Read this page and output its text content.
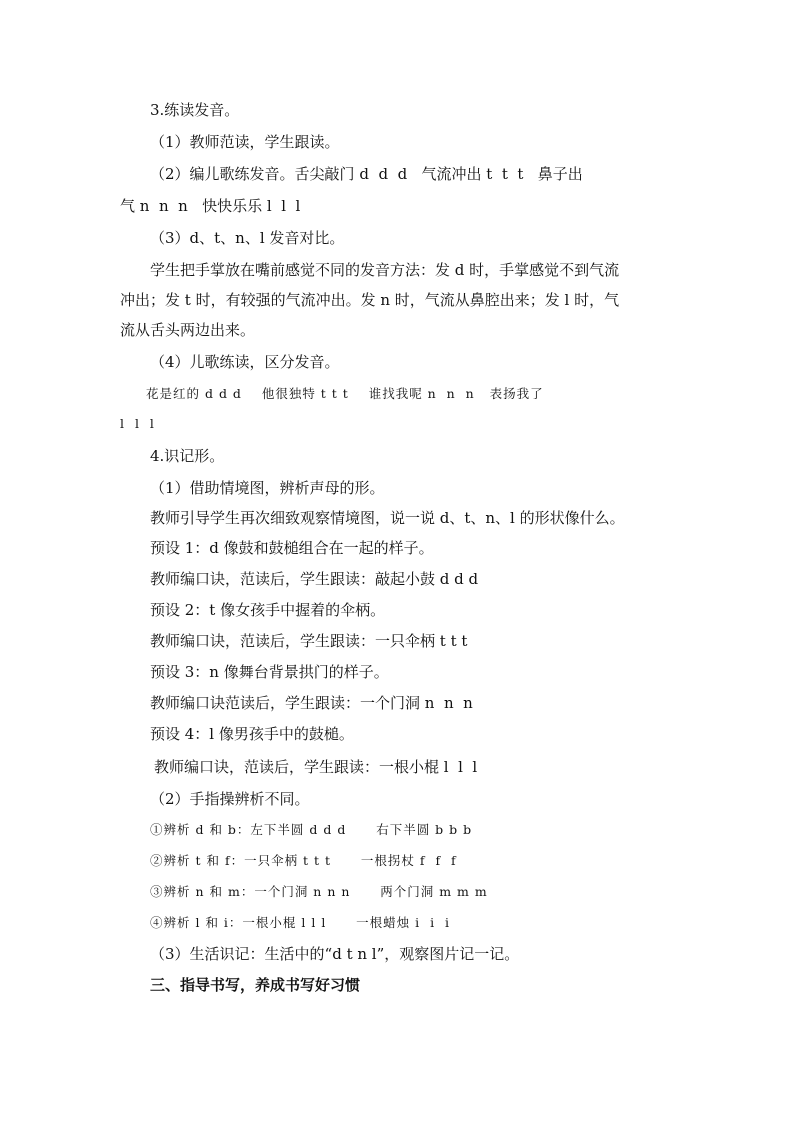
3.练读发音。
（1）教师范读，学生跟读。
（2）编儿歌练发音。舌尖敲门 d  d  d   气流冲出 t  t  t   鼻子出
气 n  n  n   快快乐乐 l  l  l
（3）d、t、n、l 发音对比。
学生把手掌放在嘴前感觉不同的发音方法：发 d 时，手掌感觉不到气流
冲出；发 t 时，有较强的气流冲出。发 n 时，气流从鼻腔出来；发 l 时，气
流从舌头两边出来。
（4）儿歌练读，区分发音。
花是红的 d d d    他很独特 t t t    谁找我呢 n  n  n   表扬我了
l  l  l
4.识记形。
（1）借助情境图，辨析声母的形。
教师引导学生再次细致观察情境图，说一说 d、t、n、l 的形状像什么。
预设 1：d 像鼓和鼓槌组合在一起的样子。
教师编口诀，范读后，学生跟读：敲起小鼓 d d d
预设 2：t 像女孩手中握着的伞柄。
教师编口诀，范读后，学生跟读：一只伞柄 t t t
预设 3：n 像舞台背景拱门的样子。
教师编口诀范读后，学生跟读：一个门洞 n  n  n
预设 4：l 像男孩手中的鼓槌。
教师编口诀，范读后，学生跟读：一根小棍 l  l  l
（2）手指操辨析不同。
①辨析 d 和 b：左下半圆 d d d      右下半圆 b b b
②辨析 t 和 f：一只伞柄 t t t      一根拐杖 f  f  f
③辨析 n 和 m：一个门洞 n n n      两个门洞 m m m
④辨析 l 和 i：一根小棍 l l l      一根蜡烛 i  i  i
（3）生活识记：生活中的“d t n l”，观察图片记一记。
三、指导书写，养成书写好习惯
